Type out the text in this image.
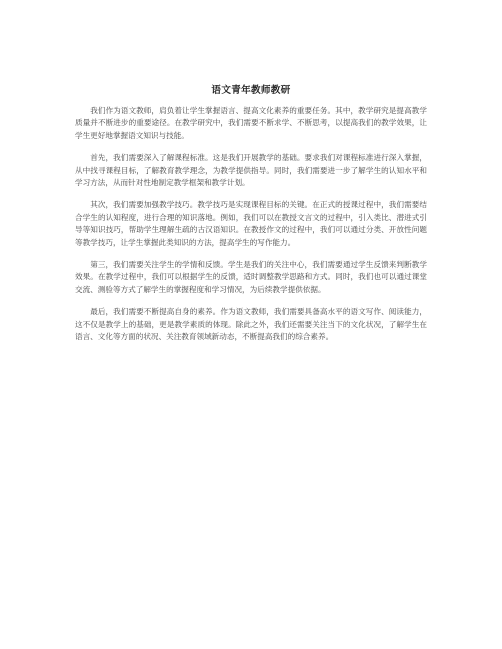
语文青年教师教研

我们作为语文教师，肩负着让学生掌握语言、提高文化素养的重要任务。其中，教学研究是提高教学质量并不断进步的重要途径。在教学研究中，我们需要不断求学、不断思考，以提高我们的教学效果，让学生更好地掌握语文知识与技能。

首先，我们需要深入了解课程标准。这是我们开展教学的基础。要求我们对课程标准进行深入掌握，从中找寻课程目标，了解教育教学理念，为教学提供指导。同时，我们需要进一步了解学生的认知水平和学习方法，从而针对性地制定教学框架和教学计划。

其次，我们需要加强教学技巧。教学技巧是实现课程目标的关键。在正式的授课过程中，我们需要结合学生的认知程度，进行合理的知识落地。例如，我们可以在教授文言文的过程中，引入类比、潜进式引导等知识技巧，帮助学生理解生疏的古汉语知识。在教授作文的过程中，我们可以通过分类、开放性问题等教学技巧，让学生掌握此类知识的方法，提高学生的写作能力。

第三，我们需要关注学生的学情和反馈。学生是我们的关注中心，我们需要通过学生反馈来判断教学效果。在教学过程中，我们可以根据学生的反馈，适时调整教学思路和方式。同时，我们也可以通过课堂交流、测验等方式了解学生的掌握程度和学习情况，为后续教学提供依据。

最后，我们需要不断提高自身的素养。作为语文教师，我们需要具备高水平的语文写作、阅读能力，这不仅是教学上的基础，更是教学素质的体现。除此之外，我们还需要关注当下的文化状况，了解学生在语言、文化等方面的状况、关注教育领域新动态，不断提高我们的综合素养。
